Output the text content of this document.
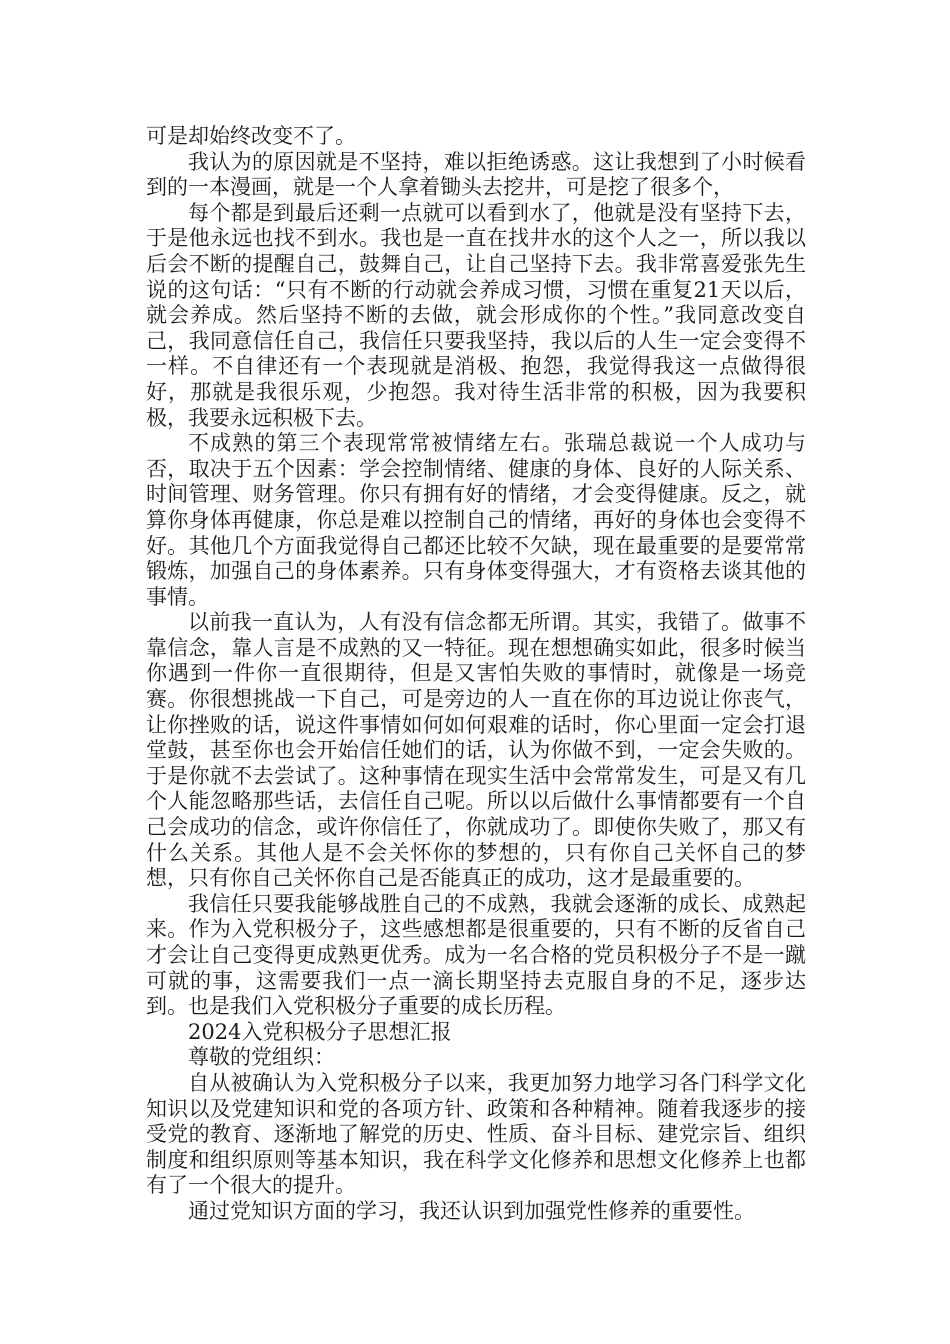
可是却始终改变不了。

我认为的原因就是不坚持，难以拒绝诱惑。这让我想到了小时候看到的一本漫画，就是一个人拿着锄头去挖井，可是挖了很多个，

每个都是到最后还剩一点就可以看到水了，他就是没有坚持下去，于是他永远也找不到水。我也是一直在找井水的这个人之一，所以我以后会不断的提醒自己，鼓舞自己，让自己坚持下去。我非常喜爱张先生说的这句话：“只有不断的行动就会养成习惯，习惯在重复21天以后，就会养成。然后坚持不断的去做，就会形成你的个性。”我同意改变自己，我同意信任自己，我信任只要我坚持，我以后的人生一定会变得不一样。不自律还有一个表现就是消极、抱怨，我觉得我这一点做得很好，那就是我很乐观，少抱怨。我对待生活非常的积极，因为我要积极，我要永远积极下去。

不成熟的第三个表现常常被情绪左右。张瑞总裁说一个人成功与否，取决于五个因素：学会控制情绪、健康的身体、良好的人际关系、时间管理、财务管理。你只有拥有好的情绪，才会变得健康。反之，就算你身体再健康，你总是难以控制自己的情绪，再好的身体也会变得不好。其他几个方面我觉得自己都还比较不欠缺，现在最重要的是要常常锻炼，加强自己的身体素养。只有身体变得强大，才有资格去谈其他的事情。

以前我一直认为，人有没有信念都无所谓。其实，我错了。做事不靠信念，靠人言是不成熟的又一特征。现在想想确实如此，很多时候当你遇到一件你一直很期待，但是又害怕失败的事情时，就像是一场竞赛。你很想挑战一下自己，可是旁边的人一直在你的耳边说让你丧气，让你挫败的话，说这件事情如何如何艰难的话时，你心里面一定会打退堂鼓，甚至你也会开始信任她们的话，认为你做不到，一定会失败的。于是你就不去尝试了。这种事情在现实生活中会常常发生，可是又有几个人能忽略那些话，去信任自己呢。所以以后做什么事情都要有一个自己会成功的信念，或许你信任了，你就成功了。即使你失败了，那又有什么关系。其他人是不会关怀你的梦想的，只有你自己关怀自己的梦想，只有你自己关怀你自己是否能真正的成功，这才是最重要的。

我信任只要我能够战胜自己的不成熟，我就会逐渐的成长、成熟起来。作为入党积极分子，这些感想都是很重要的，只有不断的反省自己才会让自己变得更成熟更优秀。成为一名合格的党员积极分子不是一蹴可就的事，这需要我们一点一滴长期坚持去克服自身的不足，逐步达到。也是我们入党积极分子重要的成长历程。

2024入党积极分子思想汇报

尊敬的党组织：

自从被确认为入党积极分子以来，我更加努力地学习各门科学文化知识以及党建知识和党的各项方针、政策和各种精神。随着我逐步的接受党的教育、逐渐地了解党的历史、性质、奋斗目标、建党宗旨、组织制度和组织原则等基本知识，我在科学文化修养和思想文化修养上也都有了一个很大的提升。

通过党知识方面的学习，我还认识到加强党性修养的重要性。
